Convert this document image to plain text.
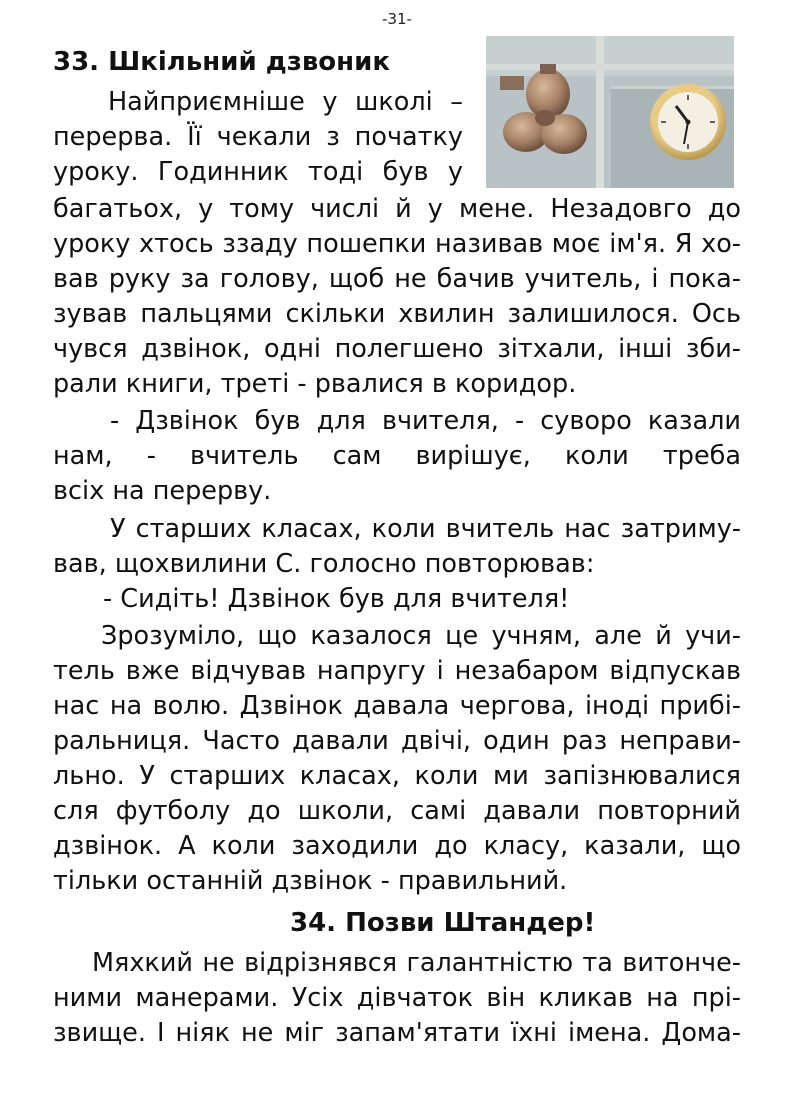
-31-
33. Шкільний дзвоник
Найприємніше у школі –
перерва. Її чекали з початку
уроку. Годинник тоді був у
багатьох, у тому числі й у мене. Незадовго до
уроку хтось ззаду пошепки називав моє ім'я. Я хо-
вав руку за голову, щоб не бачив учитель, і пока-
зував пальцями скільки хвилин залишилося. Ось
чувся дзвінок, одні полегшено зітхали, інші зби-
рали книги, треті - рвалися в коридор.
- Дзвінок був для вчителя, - суворо казали
нам, - вчитель сам вирішує, коли треба
всіх на перерву.
У старших класах, коли вчитель нас затриму-
вав, щохвилини С. голосно повторював:
- Сидіть! Дзвінок був для вчителя!
Зрозуміло, що казалося це учням, але й учи-
тель вже відчував напругу і незабаром відпускав
нас на волю. Дзвінок давала чергова, іноді прибі-
ральниця. Часто давали двічі, один раз неправи-
льно. У старших класах, коли ми запізнювалися
сля футболу до школи, самі давали повторний
дзвінок. А коли заходили до класу, казали, що
тільки останній дзвінок - правильний.
34. Позви Штандер!
Мяхкий не відрізнявся галантністю та витонче-
ними манерами. Усіх дівчаток він кликав на прі-
звище. І ніяк не міг запам'ятати їхні імена. Дома-
